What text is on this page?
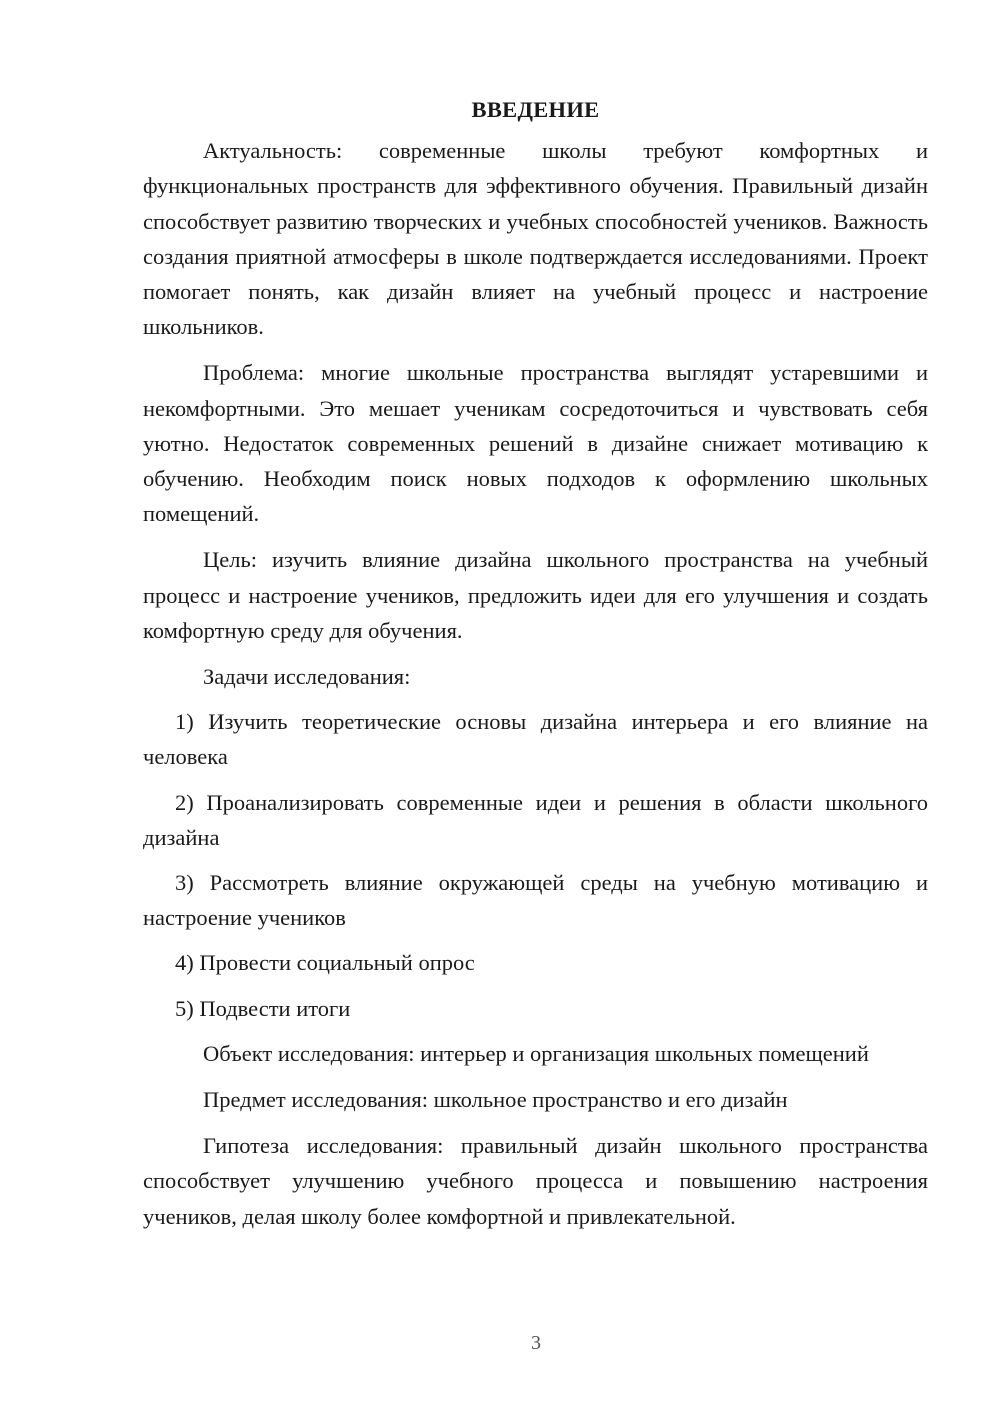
ВВЕДЕНИЕ

Актуальность: современные школы требуют комфортных и функциональных пространств для эффективного обучения. Правильный дизайн способствует развитию творческих и учебных способностей учеников. Важность создания приятной атмосферы в школе подтверждается исследованиями. Проект помогает понять, как дизайн влияет на учебный процесс и настроение школьников.

Проблема: многие школьные пространства выглядят устаревшими и некомфортными. Это мешает ученикам сосредоточиться и чувствовать себя уютно. Недостаток современных решений в дизайне снижает мотивацию к обучению. Необходим поиск новых подходов к оформлению школьных помещений.

Цель: изучить влияние дизайна школьного пространства на учебный процесс и настроение учеников, предложить идеи для его улучшения и создать комфортную среду для обучения.

Задачи исследования:

1) Изучить теоретические основы дизайна интерьера и его влияние на человека

2) Проанализировать современные идеи и решения в области школьного дизайна

3) Рассмотреть влияние окружающей среды на учебную мотивацию и настроение учеников

4) Провести социальный опрос

5) Подвести итоги

Объект исследования: интерьер и организация школьных помещений

Предмет исследования: школьное пространство и его дизайн

Гипотеза исследования: правильный дизайн школьного пространства способствует улучшению учебного процесса и повышению настроения учеников, делая школу более комфортной и привлекательной.

3
